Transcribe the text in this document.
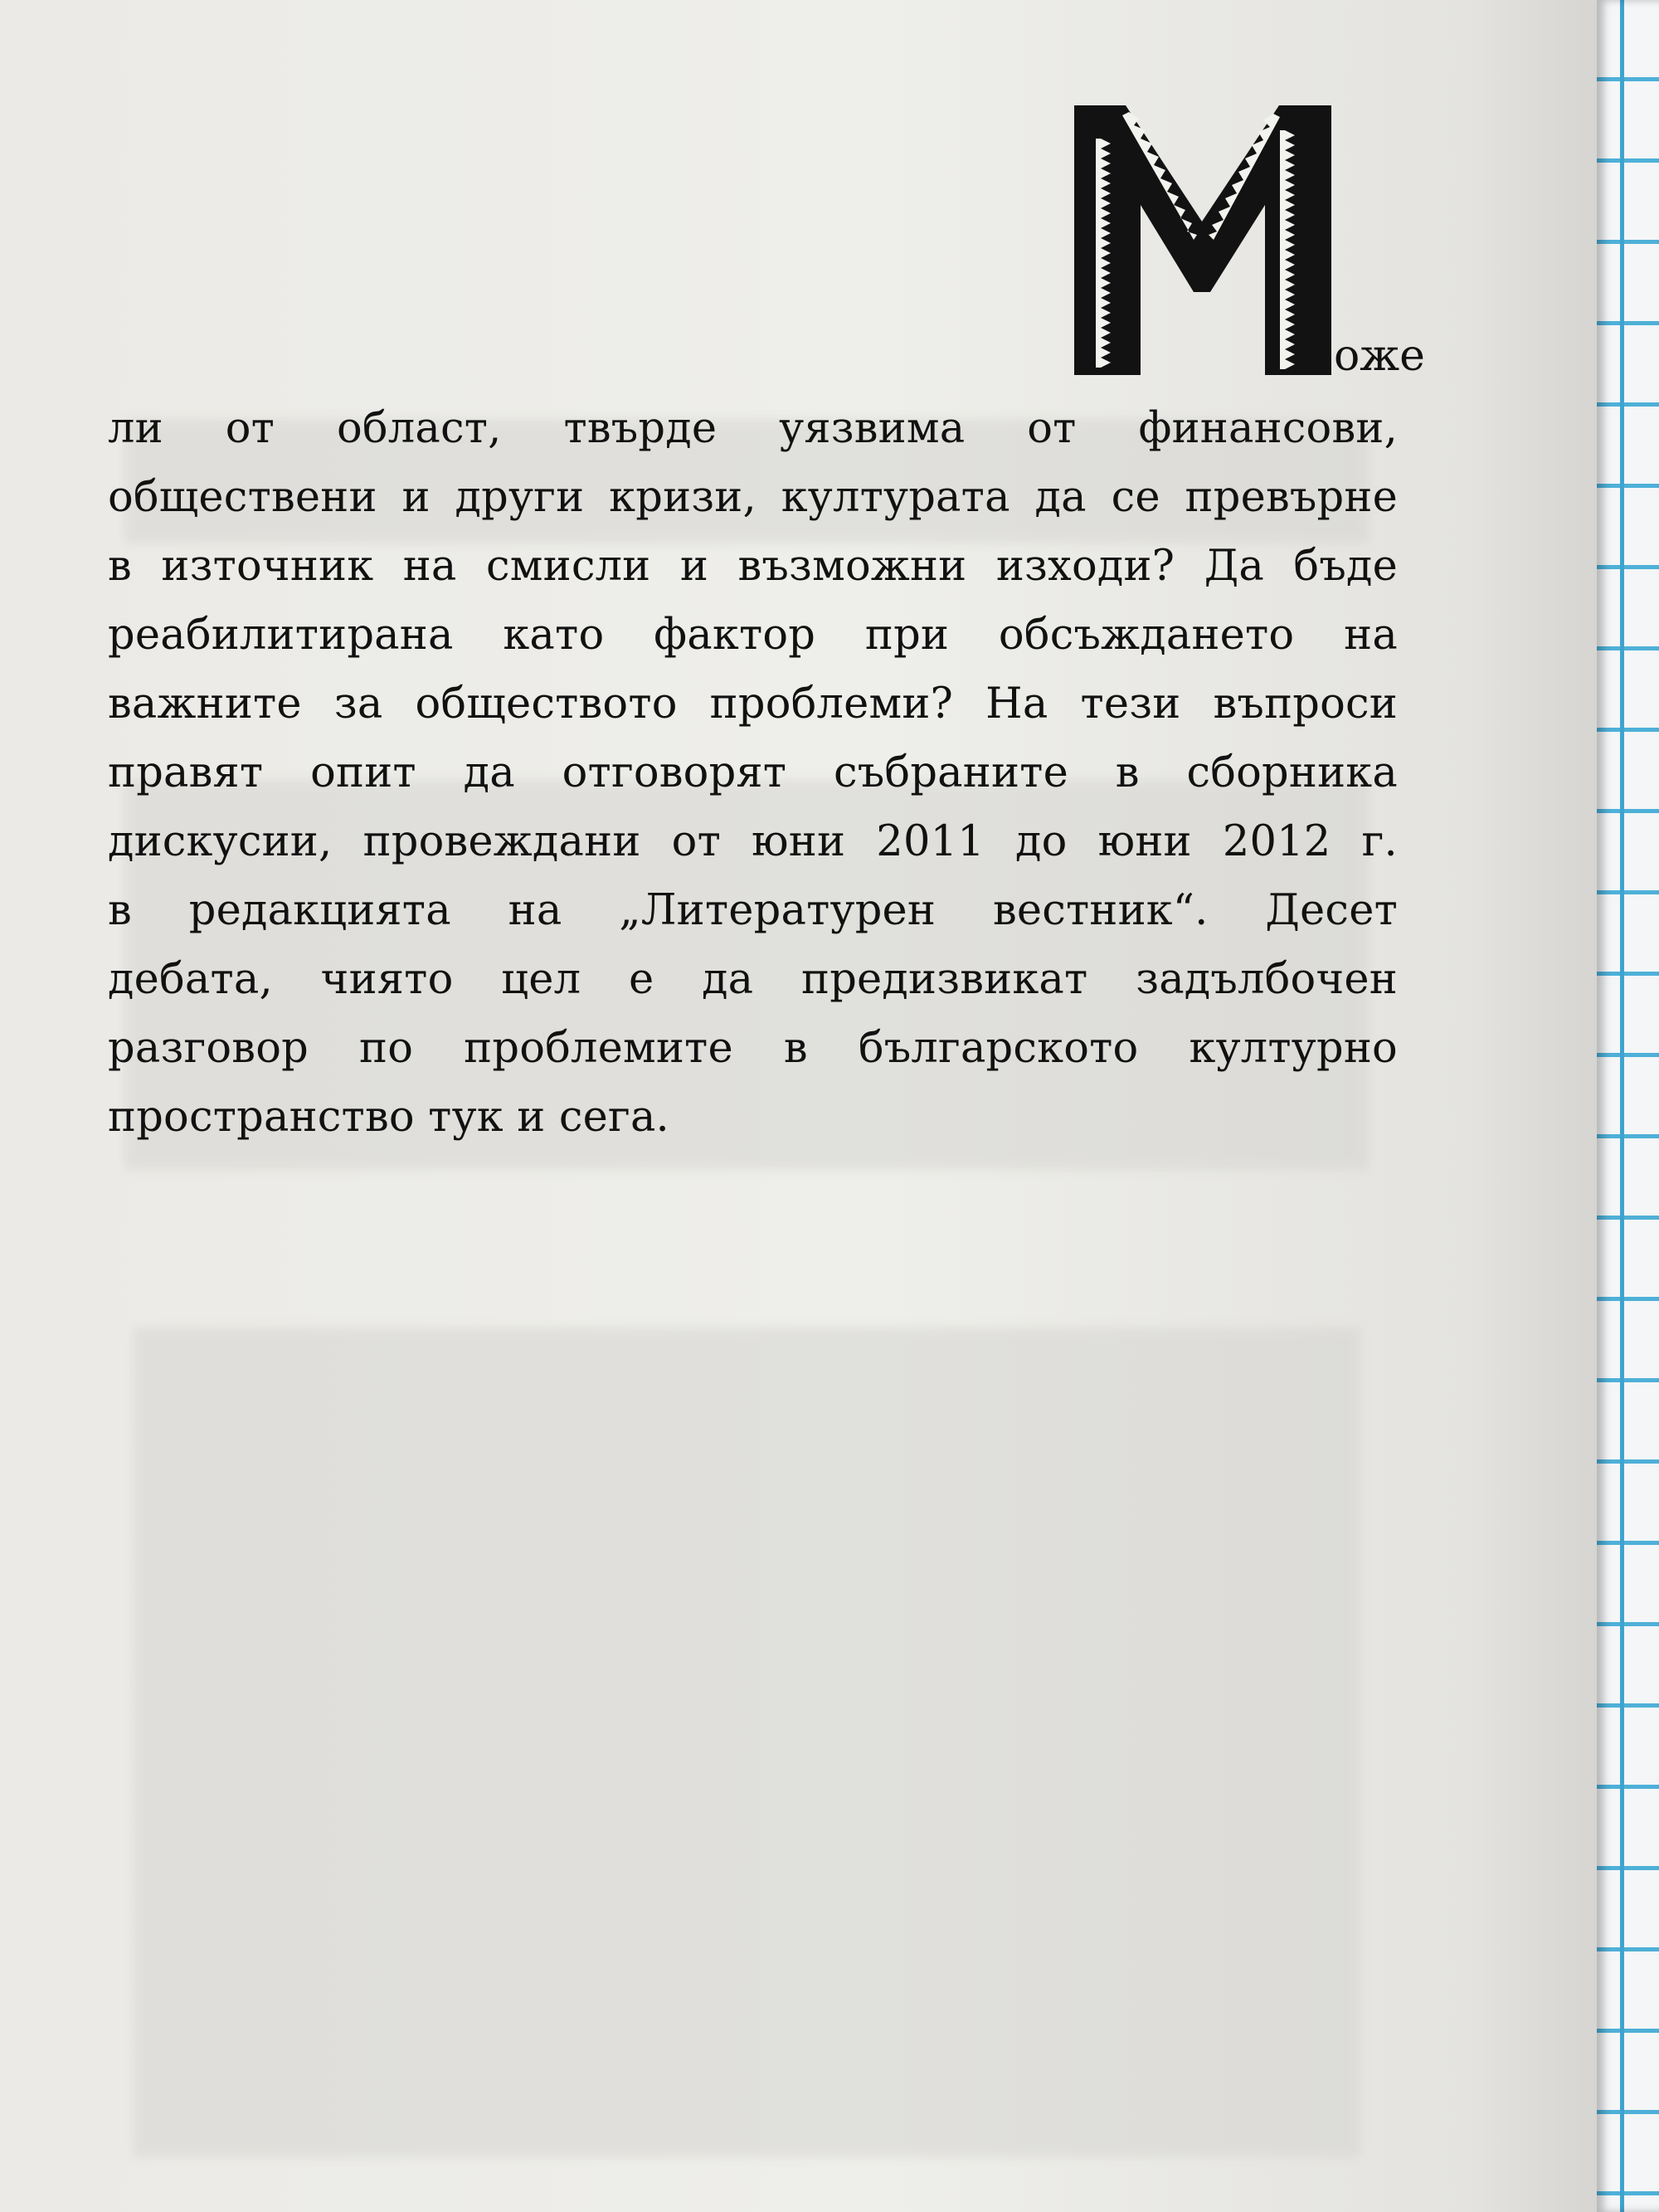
оже
ли от област, твърде уязвима от финансови,
обществени и други кризи, културата да се превърне
в източник на смисли и възможни изходи? Да бъде
реабилитирана като фактор при обсъждането на
важните за обществото проблеми? На тези въпроси
правят опит да отговорят събраните в сборника
дискусии, провеждани от юни 2011 до юни 2012 г.
в редакцията на „Литературен вестник“. Десет
дебата, чиято цел е да предизвикат задълбочен
разговор по проблемите в българското културно
пространство тук и сега.
